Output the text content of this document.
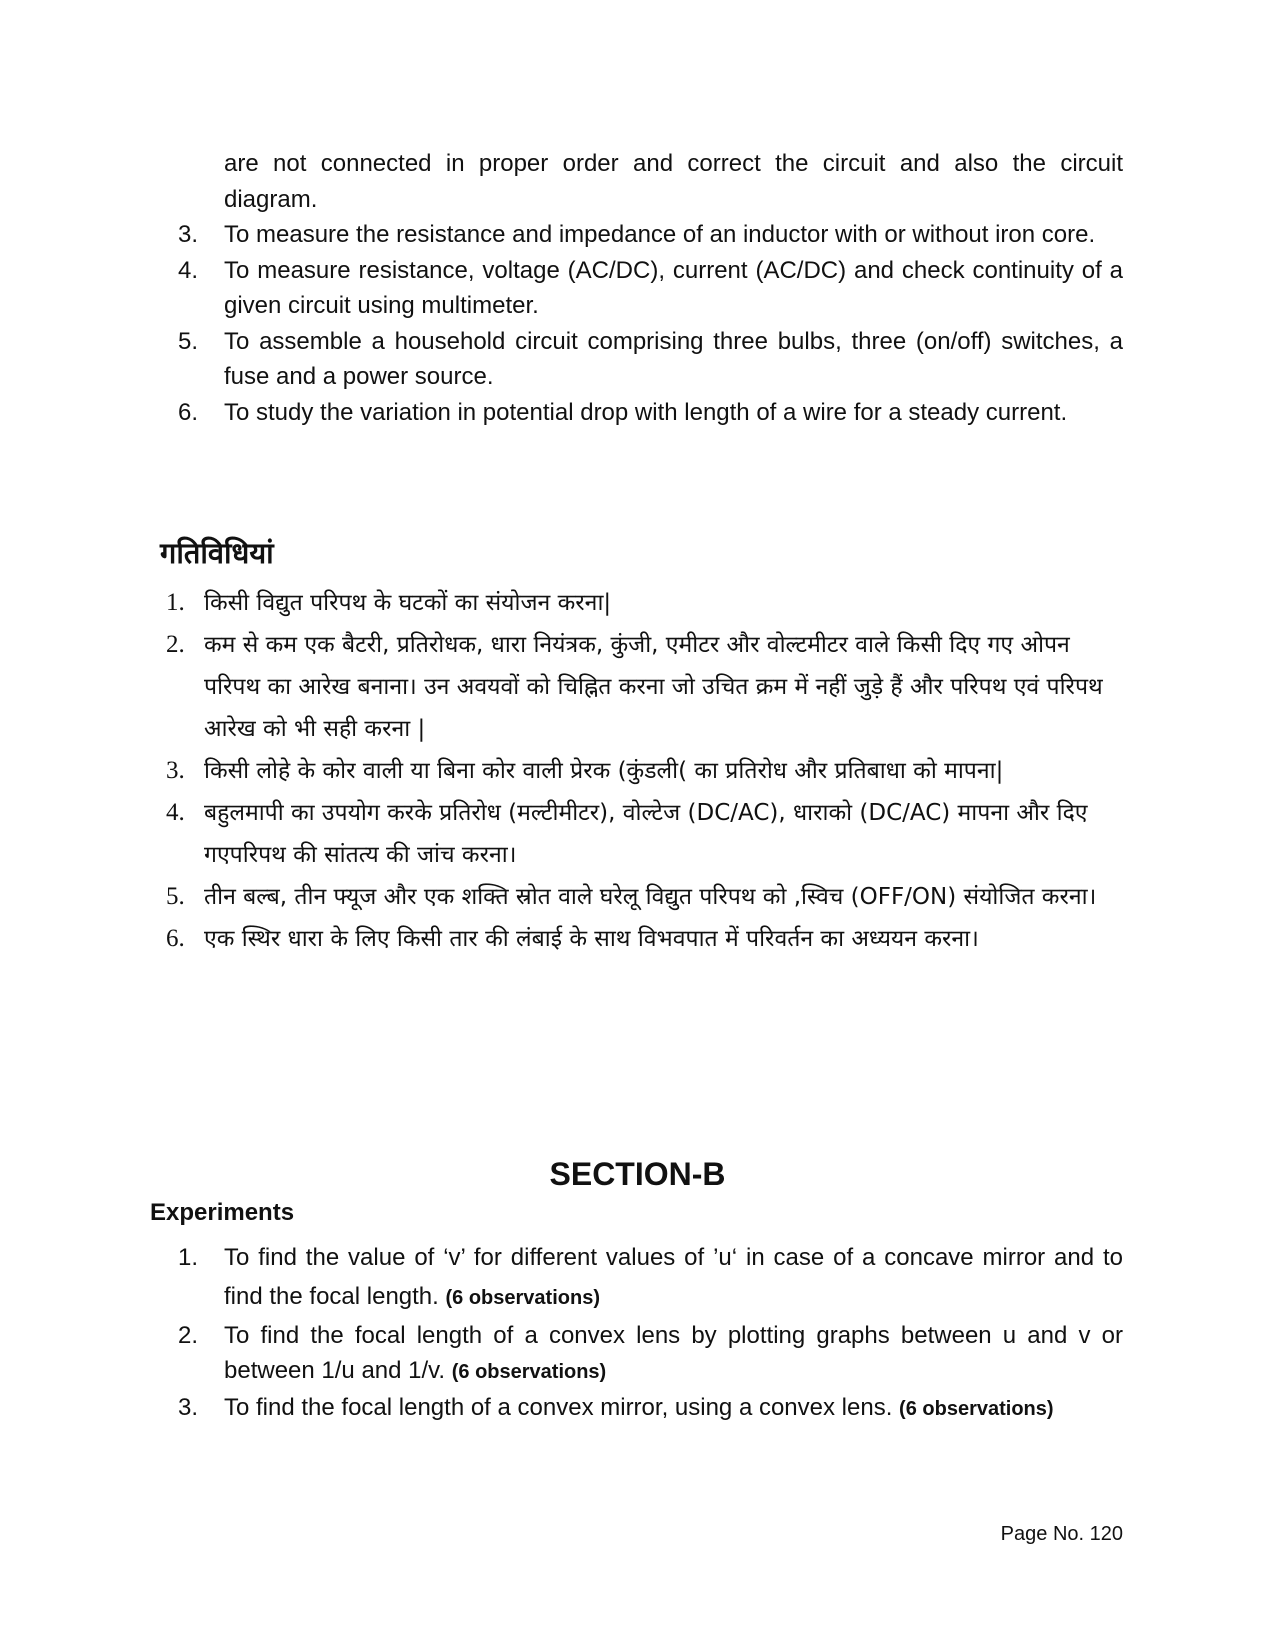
are not connected in proper order and correct the circuit and also the circuit diagram.
3. To measure the resistance and impedance of an inductor with or without iron core.
4. To measure resistance, voltage (AC/DC), current (AC/DC) and check continuity of a given circuit using multimeter.
5. To assemble a household circuit comprising three bulbs, three (on/off) switches, a fuse and a power source.
6. To study the variation in potential drop with length of a wire for a steady current.
गतिविधियां
1. किसी विद्युत परिपथ के घटकों का संयोजन करना|
2. कम से कम एक बैटरी, प्रतिरोधक, धारा नियंत्रक, कुंजी, एमीटर और वोल्टमीटर वाले किसी दिए गए ओपन परिपथ का आरेख बनाना। उन अवयवों को चिह्नित करना जो उचित क्रम में नहीं जुड़े हैं और परिपथ एवं परिपथ आरेख को भी सही करना |
3. किसी लोहे के कोर वाली या बिना कोर वाली प्रेरक (कुंडली( का प्रतिरोध और प्रतिबाधा को मापना|
4. बहुलमापी का उपयोग करके प्रतिरोध (मल्टीमीटर), वोल्टेज (DC/AC), धाराको (DC/AC) मापना और दिए गएपरिपथ की सांतत्य की जांच करना।
5. तीन बल्ब, तीन फ्यूज और एक शक्ति स्रोत वाले घरेलू विद्युत परिपथ को ,स्विच (OFF/ON) संयोजित करना।
6. एक स्थिर धारा के लिए किसी तार की लंबाई के साथ विभवपात में परिवर्तन का अध्ययन करना।
SECTION-B
Experiments
1. To find the value of ‘v’ for different values of ’u‘ in case of a concave mirror and to find the focal length. (6 observations)
2. To find the focal length of a convex lens by plotting graphs between u and v or between 1/u and 1/v. (6 observations)
3. To find the focal length of a convex mirror, using a convex lens. (6 observations)
Page No. 120
